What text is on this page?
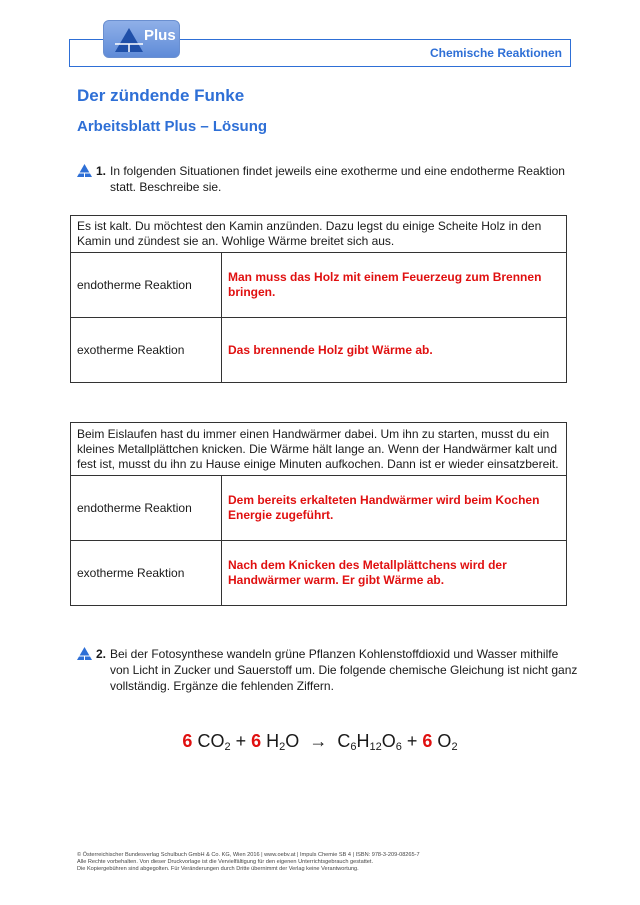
Chemische Reaktionen
Plus
Der zündende Funke
Arbeitsblatt Plus – Lösung
1. In folgenden Situationen findet jeweils eine exotherme und eine endotherme Reaktion statt. Beschreibe sie.
Es ist kalt. Du möchtest den Kamin anzünden. Dazu legst du einige Scheite Holz in den Kamin und zündest sie an. Wohlige Wärme breitet sich aus.	
endotherme Reaktion	Man muss das Holz mit einem Feuerzeug zum Brennen bringen.
exotherme Reaktion	Das brennende Holz gibt Wärme ab.
Beim Eislaufen hast du immer einen Handwärmer dabei. Um ihn zu starten, musst du ein kleines Metallplättchen knicken. Die Wärme hält lange an. Wenn der Handwärmer kalt und fest ist, musst du ihn zu Hause einige Minuten aufkochen. Dann ist er wieder einsatzbereit.	
endotherme Reaktion	Dem bereits erkalteten Handwärmer wird beim Kochen Energie zugeführt.
exotherme Reaktion	Nach dem Knicken des Metallplättchens wird der Handwärmer warm. Er gibt Wärme ab.
2. Bei der Fotosynthese wandeln grüne Pflanzen Kohlenstoffdioxid und Wasser mithilfe von Licht in Zucker und Sauerstoff um. Die folgende chemische Gleichung ist nicht ganz vollständig. Ergänze die fehlenden Ziffern.
6 $CO_2 + 6$ $H_2O \to C_6H_{12}O_6 + 6$ $O_2$
© Österreichischer Bundesverlag Schulbuch GmbH & Co. KG, Wien 2016 | www.oebv.at | Impuls Chemie SB 4 | ISBN: 978-3-209-08265-7
Alle Rechte vorbehalten. Von dieser Druckvorlage ist die Vervielfältigung für den eigenen Unterrichtsgebrauch gestattet.
Die Kopiergebühren sind abgegolten. Für Veränderungen durch Dritte übernimmt der Verlag keine Verantwortung.
